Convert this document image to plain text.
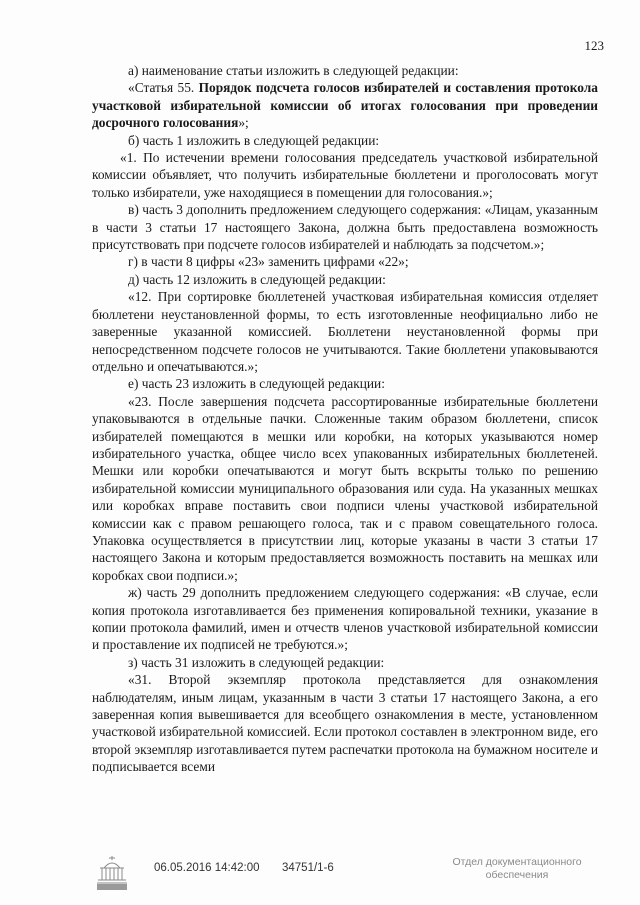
123

а) наименование статьи изложить в следующей редакции:

«Статья 55. Порядок подсчета голосов избирателей и составления протокола участковой избирательной комиссии об итогах голосования при проведении досрочного голосования»;

б) часть 1 изложить в следующей редакции:

«1. По истечении времени голосования председатель участковой избирательной комиссии объявляет, что получить избирательные бюллетени и проголосовать могут только избиратели, уже находящиеся в помещении для голосования.»;

в) часть 3 дополнить предложением следующего содержания: «Лицам, указанным в части 3 статьи 17 настоящего Закона, должна быть предоставлена возможность присутствовать при подсчете голосов избирателей и наблюдать за подсчетом.»;

г) в части 8 цифры «23» заменить цифрами «22»;

д) часть 12 изложить в следующей редакции:

«12. При сортировке бюллетеней участковая избирательная комиссия отделяет бюллетени неустановленной формы, то есть изготовленные неофициально либо не заверенные указанной комиссией. Бюллетени неустановленной формы при непосредственном подсчете голосов не учитываются. Такие бюллетени упаковываются отдельно и опечатываются.»;

е) часть 23 изложить в следующей редакции:

«23. После завершения подсчета рассортированные избирательные бюллетени упаковываются в отдельные пачки. Сложенные таким образом бюллетени, список избирателей помещаются в мешки или коробки, на которых указываются номер избирательного участка, общее число всех упакованных избирательных бюллетеней. Мешки или коробки опечатываются и могут быть вскрыты только по решению избирательной комиссии муниципального образования или суда. На указанных мешках или коробках вправе поставить свои подписи члены участковой избирательной комиссии как с правом решающего голоса, так и с правом совещательного голоса. Упаковка осуществляется в присутствии лиц, которые указаны в части 3 статьи 17 настоящего Закона и которым предоставляется возможность поставить на мешках или коробках свои подписи.»;

ж) часть 29 дополнить предложением следующего содержания: «В случае, если копия протокола изготавливается без применения копировальной техники, указание в копии протокола фамилий, имен и отчеств членов участковой избирательной комиссии и проставление их подписей не требуются.»;

з) часть 31 изложить в следующей редакции:

«31. Второй экземпляр протокола представляется для ознакомления наблюдателям, иным лицам, указанным в части 3 статьи 17 настоящего Закона, а его заверенная копия вывешивается для всеобщего ознакомления в месте, установленном участковой избирательной комиссией. Если протокол составлен в электронном виде, его второй экземпляр изготавливается путем распечатки протокола на бумажном носителе и подписывается всеми

06.05.2016 14:42:00 34751/1-6	Отдел документационного обеспечения
